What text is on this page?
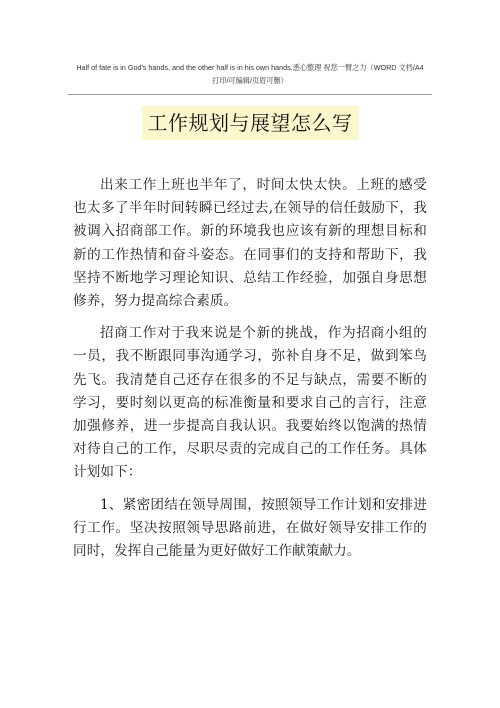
Half of fate is in God's hands, and the other half is in his own hands.悉心整理 祝您一臂之力（WORD 文档/A4
打印/可编辑/页眉可删）
工作规划与展望怎么写

出来工作上班也半年了，时间太快太快。上班的感受也太多了半年时间转瞬已经过去,在领导的信任鼓励下，我被调入招商部工作。新的环境我也应该有新的理想目标和新的工作热情和奋斗姿态。在同事们的支持和帮助下，我坚持不断地学习理论知识、总结工作经验，加强自身思想修养，努力提高综合素质。

招商工作对于我来说是个新的挑战，作为招商小组的一员，我不断跟同事沟通学习，弥补自身不足，做到笨鸟先飞。我清楚自己还存在很多的不足与缺点，需要不断的学习，要时刻以更高的标准衡量和要求自己的言行，注意加强修养，进一步提高自我认识。我要始终以饱满的热情对待自己的工作，尽职尽责的完成自己的工作任务。具体计划如下：

1、紧密团结在领导周围，按照领导工作计划和安排进行工作。坚决按照领导思路前进，在做好领导安排工作的同时，发挥自己能量为更好做好工作献策献力。
